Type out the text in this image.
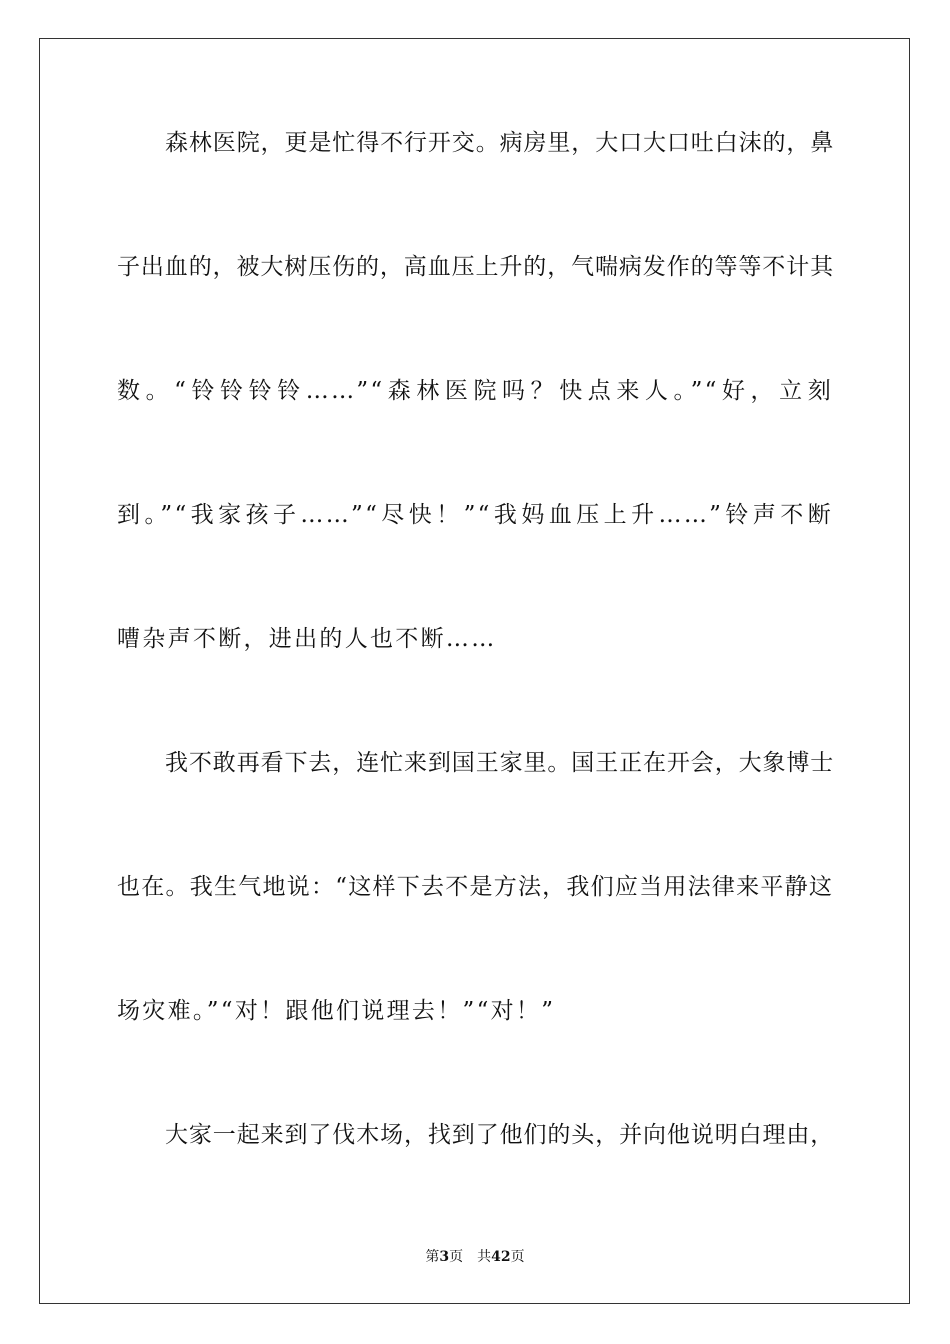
森林医院，更是忙得不行开交。病房里，大口大口吐白沫的，鼻
子出血的，被大树压伤的，高血压上升的，气喘病发作的等等不计其
数。“铃铃铃铃……”“森林医院吗？快点来人。”“好，立刻
到。”“我家孩子……”“尽快！”“我妈血压上升……”铃声不断
嘈杂声不断，进出的人也不断……
我不敢再看下去，连忙来到国王家里。国王正在开会，大象博士
也在。我生气地说：“这样下去不是方法，我们应当用法律来平静这
场灾难。”“对！跟他们说理去！”“对！”
大家一起来到了伐木场，找到了他们的头，并向他说明白理由，
第3页 共42页
